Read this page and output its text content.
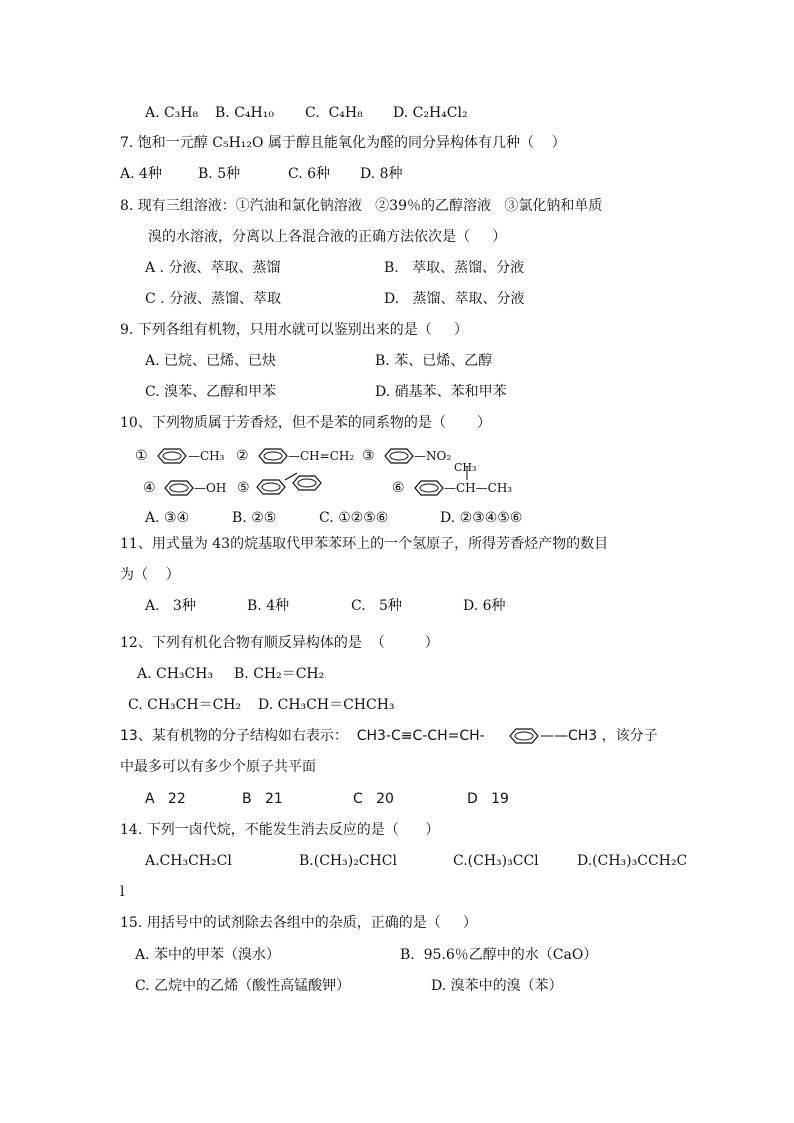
A. C₃H₈ B. C₄H₁₀ C.  C₄H₈ D. C₂H₄Cl₂
7. 饱和一元醇 C₅H₁₂O 属于醇且能氧化为醛的同分异构体有几种（    ）
A. 4种	B. 5种	C. 6种 D. 8种
8. 现有三组溶液：①汽油和氯化钠溶液   ②39％的乙醇溶液   ③氯化钠和单质
溴的水溶液，分离以上各混合液的正确方法依次是（     ）
A . 分液、萃取、蒸馏	B.   萃取、蒸馏、分液
C . 分液、蒸馏、萃取	D.   蒸馏、萃取、分液
9. 下列各组有机物，只用水就可以鉴别出来的是（     ）
A. 已烷、已烯、已炔	B. 苯、已烯、乙醇
C. 溴苯、乙醇和甲苯	D. 硝基苯、苯和甲苯
10、下列物质属于芳香烃，但不是苯的同系物的是（       ）
①	—CH₃ ②	—CH=CH₂ ③	—NO₂
CH₃
④	—OH ⑤	⑥	—CH—CH₃
A. ③④	B. ②⑤	C. ①②⑤⑥	D. ②③④⑤⑥
11、用式量为 43的烷基取代甲苯苯环上的一个氢原子，所得芳香烃产物的数目
为（    ）
A.   3种	B. 4种	C.   5种	D. 6种
12、下列有机化合物有顺反异构体的是  （         ）
A. CH₃CH₃ B. CH₂＝CH₂
C. CH₃CH＝CH₂ D. CH₃CH＝CHCH₃
13、某有机物的分子结构如右表示：  CH3-C≡C-CH=CH-	——CH3 ，该分子
中最多可以有多少个原子共平面
A   22	B   21	C   20	D   19
14. 下列一卤代烷，不能发生消去反应的是（      ）
A.CH₃CH₂Cl	B.(CH₃)₂CHCl	C.(CH₃)₃CCl	D.(CH₃)₃CCH₂C
l
15. 用括号中的试剂除去各组中的杂质，正确的是（     ）
A. 苯中的甲苯（溴水）	B.  95.6％乙醇中的水（CaO）
C. 乙烷中的乙烯（酸性高锰酸钾）	D. 溴苯中的溴（苯）
